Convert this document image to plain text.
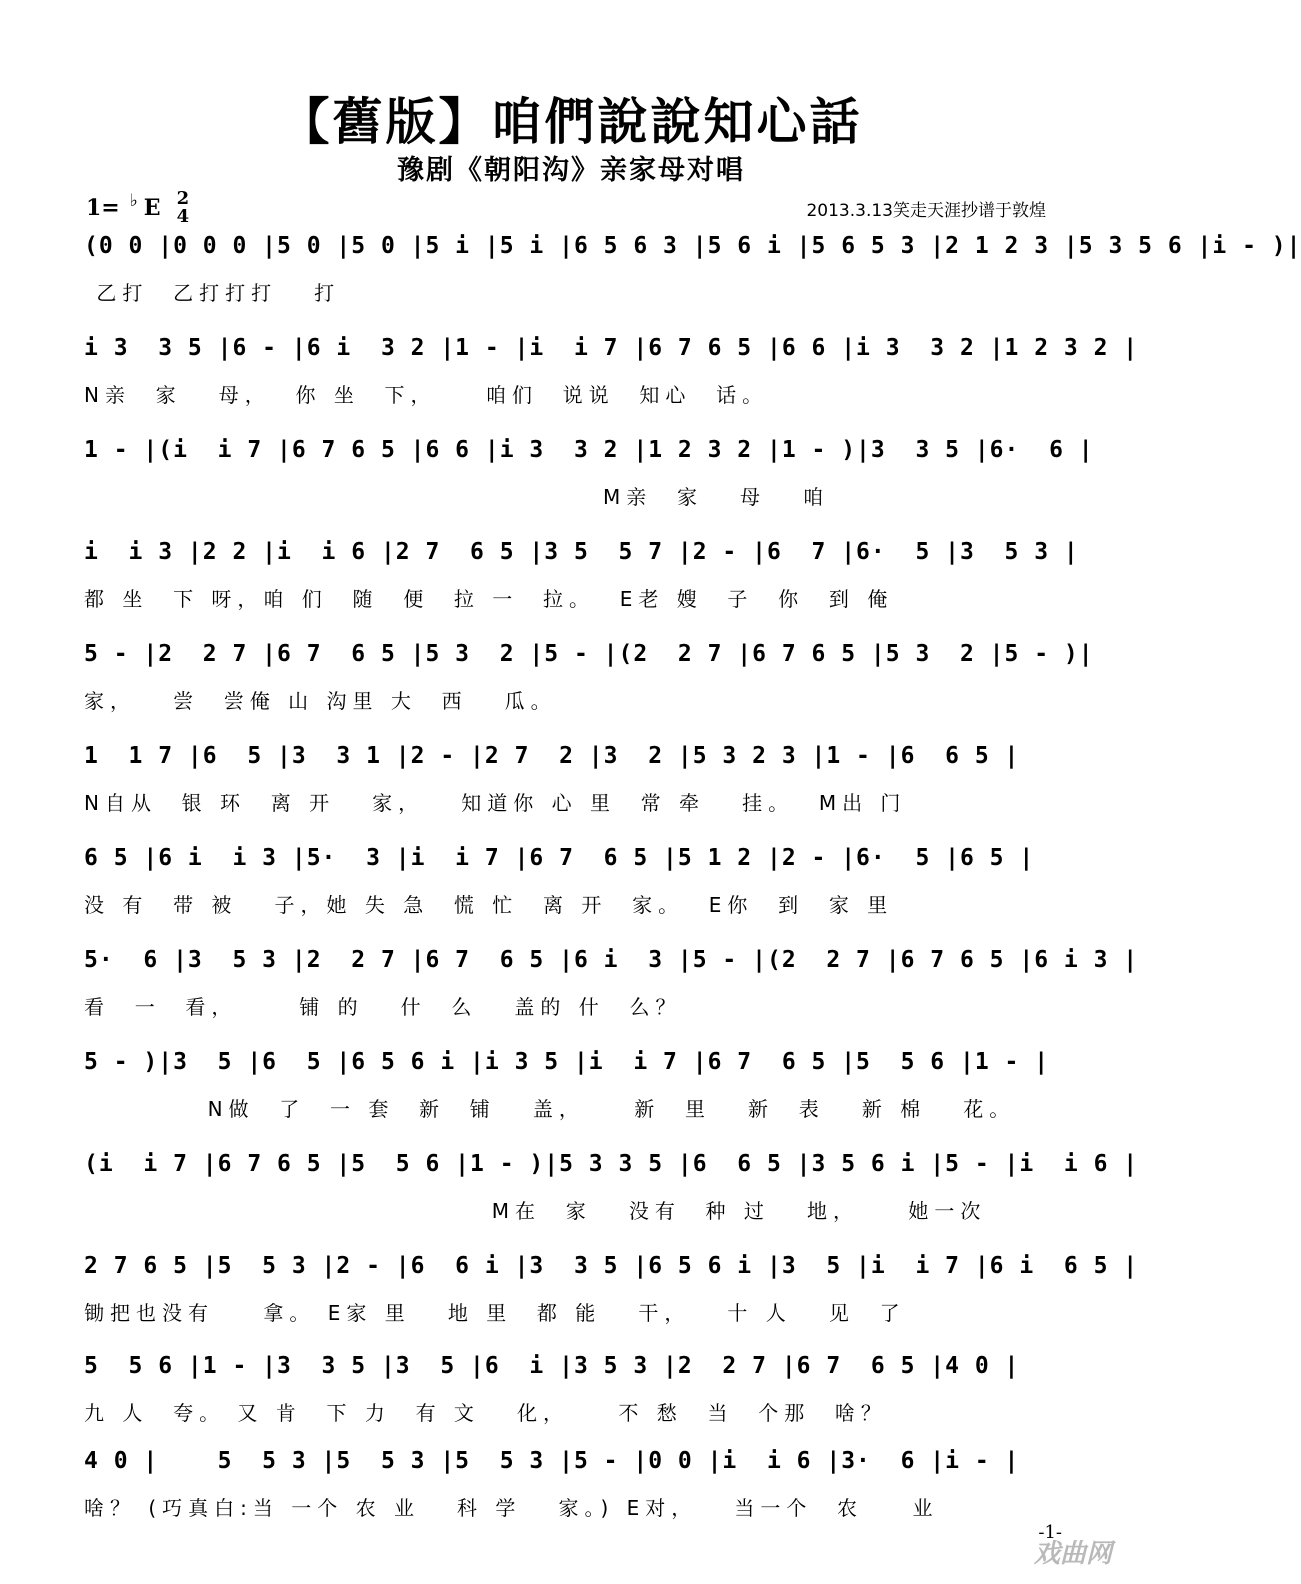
【舊版】咱們說說知心話
豫剧《朝阳沟》亲家母对唱
1= ♭ E 2
4	2013.3.13笑走天涯抄谱于敦煌
(0 0 |0 0 0 |5 0 |5 0 |5 i |5 i |6 5 6 3 |5 6 i |5 6 5 3 |2 1 2 3 |5 3 5 6 |i - )|
乙打  乙打打打   打
i 3  3 5 |6 - |6 i  3 2 |1 - |i  i 7 |6 7 6 5 |6 6 |i 3  3 2 |1 2 3 2 |
N亲  家   母，  你 坐  下，    咱们  说说  知心  话。
1 - |(i  i 7 |6 7 6 5 |6 6 |i 3  3 2 |1 2 3 2 |1 - )|3  3 5 |6·  6 |
M亲  家   母   咱
i  i 3 |2 2 |i  i 6 |2 7  6 5 |3 5  5 7 |2 - |6  7 |6·  5 |3  5 3 |
都 坐  下 呀，咱 们  随  便  拉 一  拉。  E老 嫂  子  你  到 俺
5 - |2  2 7 |6 7  6 5 |5 3  2 |5 - |(2  2 7 |6 7 6 5 |5 3  2 |5 - )|
家，   尝  尝俺 山 沟里 大  西   瓜。
1  1 7 |6  5 |3  3 1 |2 - |2 7  2 |3  2 |5 3 2 3 |1 - |6  6 5 |
N自从  银 环  离 开   家，   知道你 心 里  常 牵   挂。  M出 门
6 5 |6 i  i 3 |5·  3 |i  i 7 |6 7  6 5 |5 1 2 |2 - |6·  5 |6 5 |
没 有  带 被   子，她 失 急  慌 忙  离 开  家。  E你  到  家 里
5·  6 |3  5 3 |2  2 7 |6 7  6 5 |6 i  3 |5 - |(2  2 7 |6 7 6 5 |6 i 3 |
看  一  看，     铺 的   什  么   盖的 什  么？
5 - )|3  5 |6  5 |6 5 6 i |i 3 5 |i  i 7 |6 7  6 5 |5  5 6 |1 - |
N做  了  一 套  新  铺   盖，    新  里   新  表   新 棉   花。
(i  i 7 |6 7 6 5 |5  5 6 |1 - )|5 3 3 5 |6  6 5 |3 5 6 i |5 - |i  i 6 |
M在  家   没有  种 过   地，    她一次
2 7 6 5 |5  5 3 |2 - |6  6 i |3  3 5 |6 5 6 i |3  5 |i  i 7 |6 i  6 5 |
锄把也没有    拿。 E家 里   地 里  都 能   干，   十 人   见  了
5  5 6 |1 - |3  3 5 |3  5 |6  i |3 5 3 |2  2 7 |6 7  6 5 |4 0 |
九 人  夸。 又 肯  下 力  有 文   化，    不 愁  当  个那  啥？
4 0 |    5  5 3 |5  5 3 |5  5 3 |5 - |0 0 |i  i 6 |3·  6 |i - |
啥？ (巧真白:当 一个 农 业   科 学   家。) E对，   当一个  农    业
-1-
戏曲网
